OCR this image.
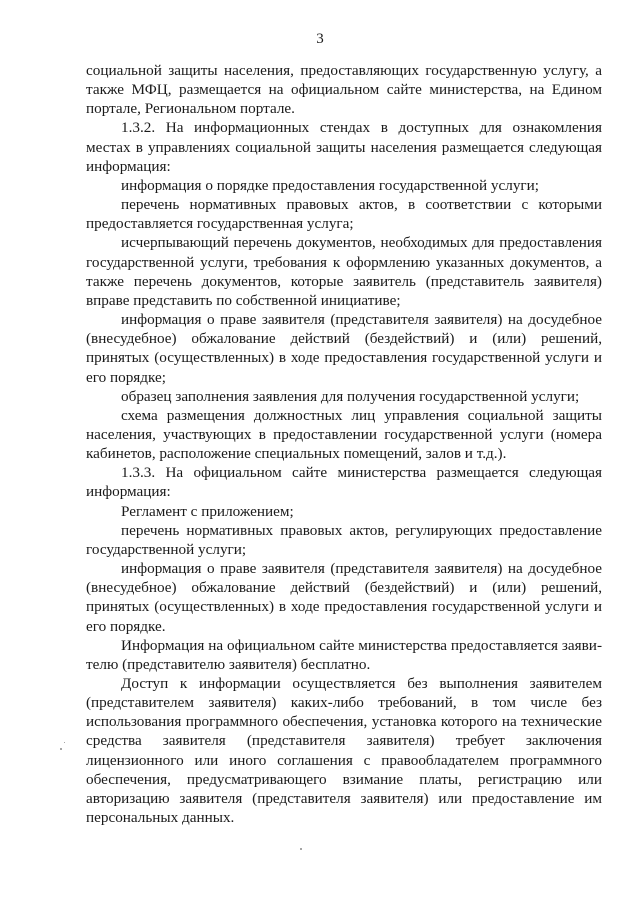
3

социальной защиты населения, предоставляющих государственную услугу, а также МФЦ, размещается на официальном сайте министерства, на Едином портале, Региональном портале.

1.3.2. На информационных стендах в доступных для ознакомления местах в управлениях социальной защиты населения размещается следующая информация:

информация о порядке предоставления государственной услуги;

перечень нормативных правовых актов, в соответствии с которыми предоставляется государственная услуга;

исчерпывающий перечень документов, необходимых для предоставления государственной услуги, требования к оформлению указанных документов, а также перечень документов, которые заявитель (представитель заявителя) вправе представить по собственной инициативе;

информация о праве заявителя (представителя заявителя) на досудебное (внесудебное) обжалование действий (бездействий) и (или) решений, принятых (осуществленных) в ходе предоставления государственной услуги и его порядке;

образец заполнения заявления для получения государственной услуги;

схема размещения должностных лиц управления социальной защиты населения, участвующих в предоставлении государственной услуги (номера кабинетов, расположение специальных помещений, залов и т.д.).

1.3.3. На официальном сайте министерства размещается следующая информация:

Регламент с приложением;

перечень нормативных правовых актов, регулирующих предоставление государственной услуги;

информация о праве заявителя (представителя заявителя) на досудебное (внесудебное) обжалование действий (бездействий) и (или) решений, принятых (осуществленных) в ходе предоставления государственной услуги и его порядке.

Информация на официальном сайте министерства предоставляется заявителю (представителю заявителя) бесплатно.

Доступ к информации осуществляется без выполнения заявителем (представителем заявителя) каких-либо требований, в том числе без использования программного обеспечения, установка которого на технические средства заявителя (представителя заявителя) требует заключения лицензионного или иного соглашения с правообладателем программного обеспечения, предусматривающего взимание платы, регистрацию или авторизацию заявителя (представителя заявителя) или предоставление им персональных данных.
